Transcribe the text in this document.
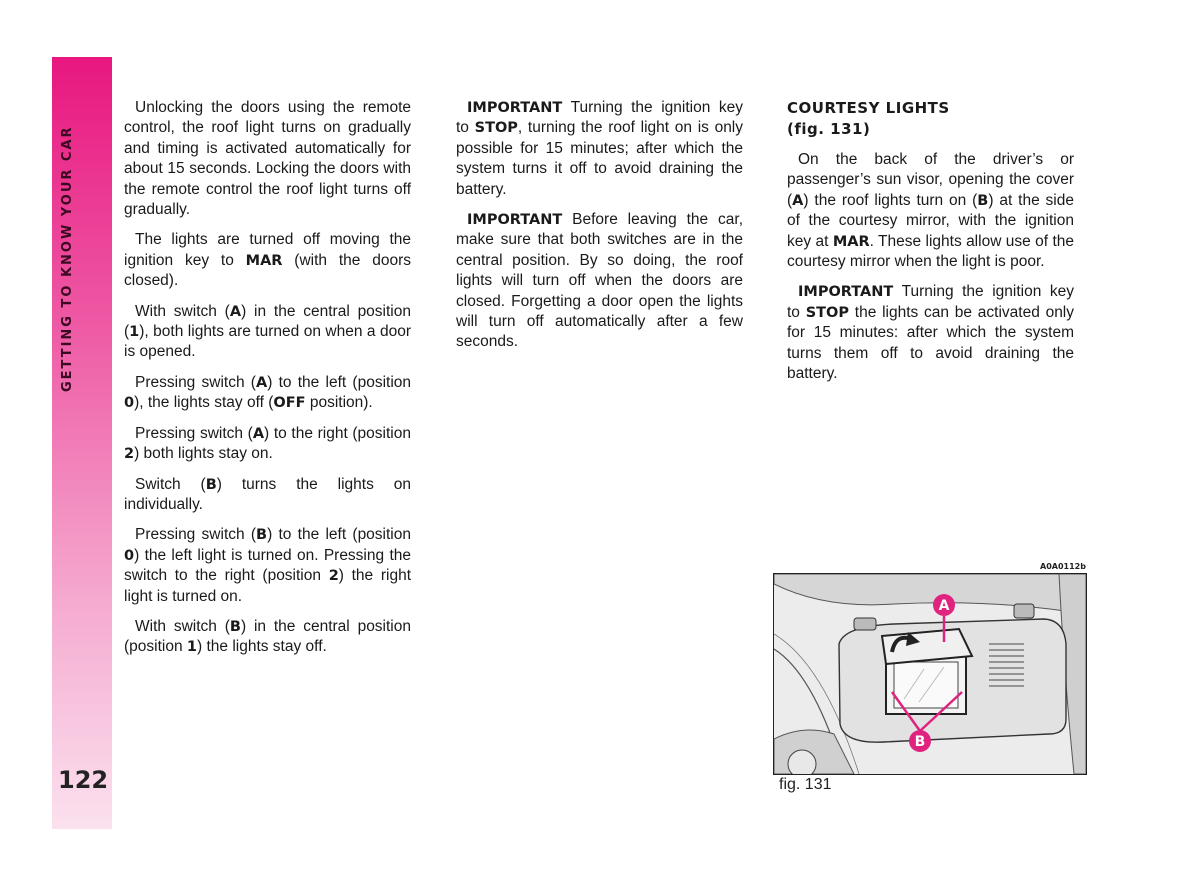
GETTING TO KNOW YOUR CAR
122

Unlocking the doors using the remote control, the roof light turns on gradually and timing is activated automatically for about 15 seconds. Locking the doors with the remote control the roof light turns off gradually.

The lights are turned off moving the ignition key to MAR (with the doors closed).

With switch (A) in the central position (1), both lights are turned on when a door is opened.

Pressing switch (A) to the left (position 0), the lights stay off (OFF position).

Pressing switch (A) to the right (position 2) both lights stay on.

Switch (B) turns the lights on individually.

Pressing switch (B) to the left (position 0) the left light is turned on. Pressing the switch to the right (position 2) the right light is turned on.

With switch (B) in the central position (position 1) the lights stay off.

IMPORTANT Turning the ignition key to STOP, turning the roof light on is only possible for 15 minutes; after which the system turns it off to avoid draining the battery.

IMPORTANT Before leaving the car, make sure that both switches are in the central position. By so doing, the roof lights will turn off when the doors are closed. Forgetting a door open the lights will turn off automatically after a few seconds.

COURTESY LIGHTS
(fig. 131)

On the back of the driver’s or passenger’s sun visor, opening the cover (A) the roof lights turn on (B) at the side of the courtesy mirror, with the ignition key at MAR. These lights allow use of the courtesy mirror when the light is poor.

IMPORTANT Turning the ignition key to STOP the lights can be activated only for 15 minutes: after which the system turns them off to avoid draining the battery.

A0A0112b
A
B
fig. 131
